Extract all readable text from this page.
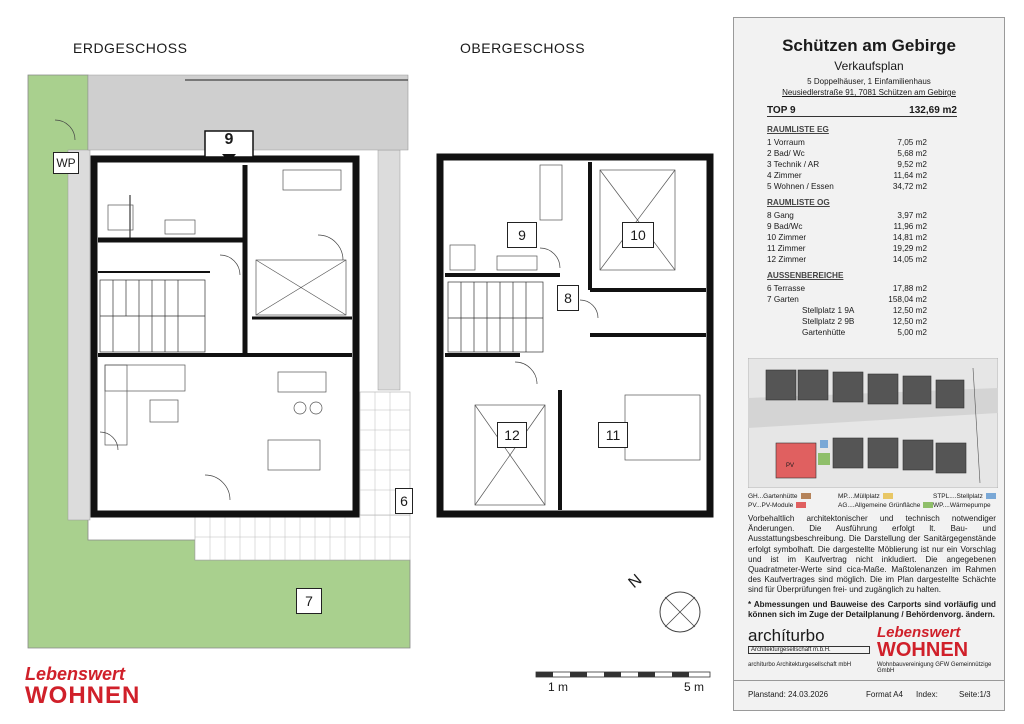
ERDGESCHOSS	OBERGESCHOSS
9
WP
9	10
8
12	11
6
7
N
1 m	5 m
Lebenswert
WOHNEN
Schützen am Gebirge
Verkaufsplan
5 Doppelhäuser, 1 Einfamilienhaus
Neusiedlerstraße 91, 7081 Schützen am Gebirge
TOP 9	132,69 m2
RAUMLISTE EG
1 Vorraum	7,05 m2
2 Bad/ Wc	5,68 m2
3 Technik / AR	9,52 m2
4 Zimmer	11,64 m2
5 Wohnen / Essen	34,72 m2
RAUMLISTE OG
8 Gang	3,97 m2
9 Bad/Wc	11,96 m2
10 Zimmer	14,81 m2
11 Zimmer	19,29 m2
12 Zimmer	14,05 m2
AUSSENBEREICHE
6 Terrasse	17,88 m2
7 Garten	158,04 m2
Stellplatz 1 9A	12,50 m2
Stellplatz 2 9B	12,50 m2
Gartenhütte	5,00 m2
PV
GH...Gartenhütte
PV...PV-Module
MP....Müllplatz
AG....Allgemeine Grünfläche
STPL....Stellplatz
WP....Wärmepumpe
Vorbehaltlich architektonischer und technisch notwendiger Änderungen. Die Ausführung erfolgt lt. Bau- und Ausstattungsbeschreibung. Die Darstellung der Sanitärgegenstände erfolgt symbolhaft. Die dargestellte Möblierung ist nur ein Vorschlag und ist im Kaufvertrag nicht inkludiert. Die angegebenen Quadratmeter-Werte sind cica-Maße. Maßtolenanzen im Rahmen des Kaufvertrages sind möglich. Die im Plan dargestellte Schächte sind für Überprüfungen frei- und zugänglich zu halten.
* Abmessungen und Bauweise des Carports sind vorläufig und können sich im Zuge der Detailplanung / Behördenvorg. ändern.
archíturbo
Architekturgesellschaft m.b.H.
Lebenswert
WOHNEN
archíturbo Architekturgesellschaft mbH	Wohnbauvereinigung GFW Gemeinnützige GmbH
Planstand: 24.03.2026	Format A4 Index:	Seite:1/3
